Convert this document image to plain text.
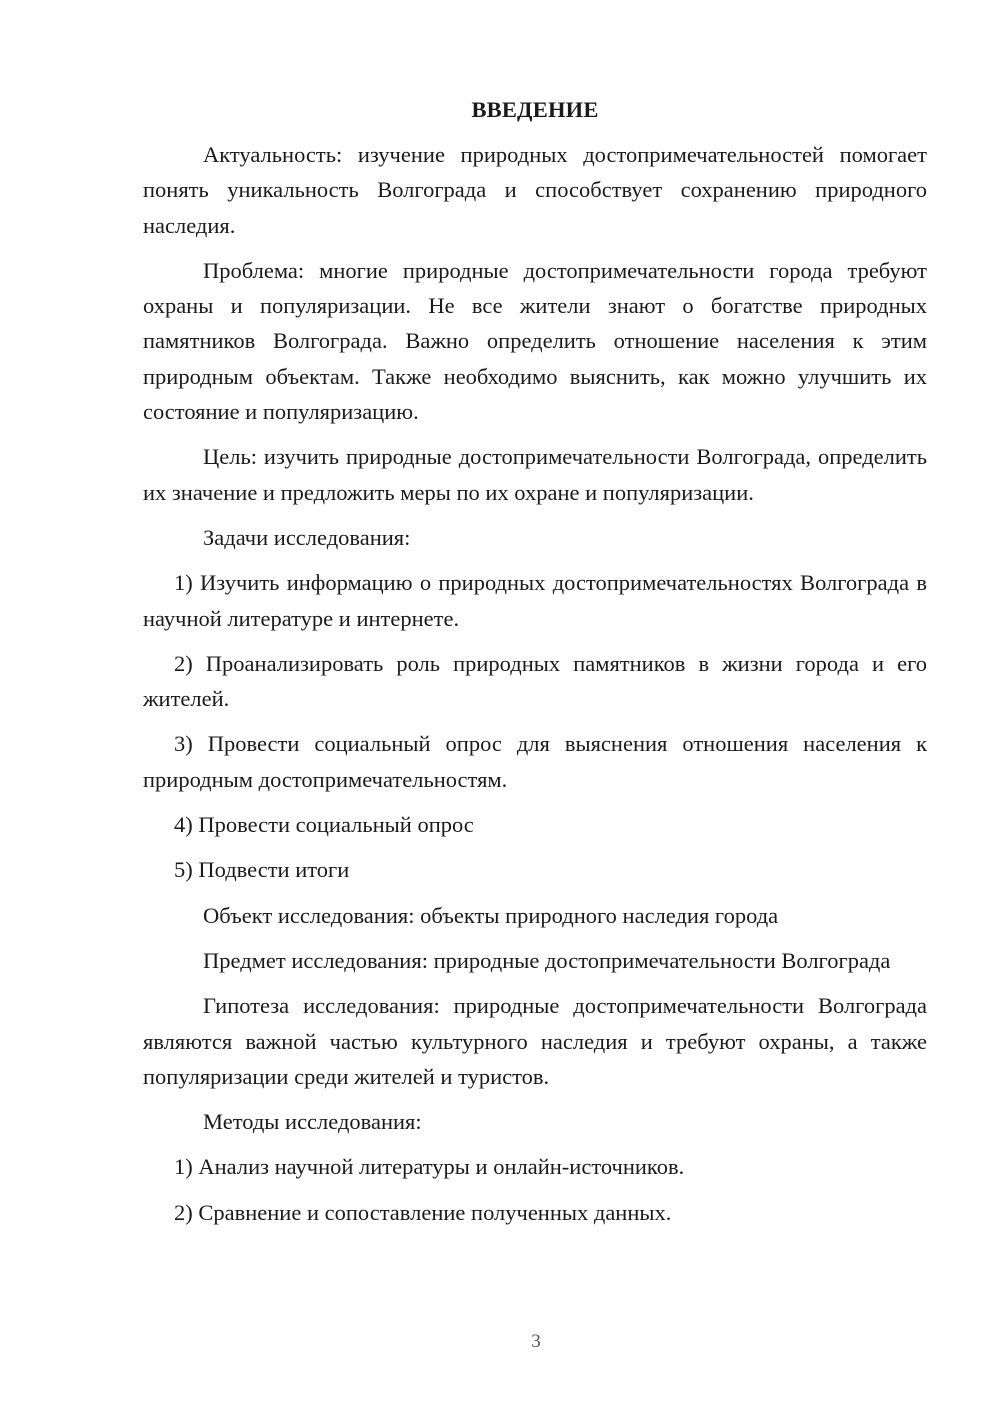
ВВЕДЕНИЕ

Актуальность: изучение природных достопримечательностей помогает понять уникальность Волгограда и способствует сохранению природного наследия.

Проблема: многие природные достопримечательности города требуют охраны и популяризации. Не все жители знают о богатстве природных памятников Волгограда. Важно определить отношение населения к этим природным объектам. Также необходимо выяснить, как можно улучшить их состояние и популяризацию.

Цель: изучить природные достопримечательности Волгограда, определить их значение и предложить меры по их охране и популяризации.

Задачи исследования:

1) Изучить информацию о природных достопримечательностях Волгограда в научной литературе и интернете.

2) Проанализировать роль природных памятников в жизни города и его жителей.

3) Провести социальный опрос для выяснения отношения населения к природным достопримечательностям.

4) Провести социальный опрос

5) Подвести итоги

Объект исследования: объекты природного наследия города

Предмет исследования: природные достопримечательности Волгограда

Гипотеза исследования: природные достопримечательности Волгограда являются важной частью культурного наследия и требуют охраны, а также популяризации среди жителей и туристов.

Методы исследования:

1) Анализ научной литературы и онлайн-источников.

2) Сравнение и сопоставление полученных данных.

3
